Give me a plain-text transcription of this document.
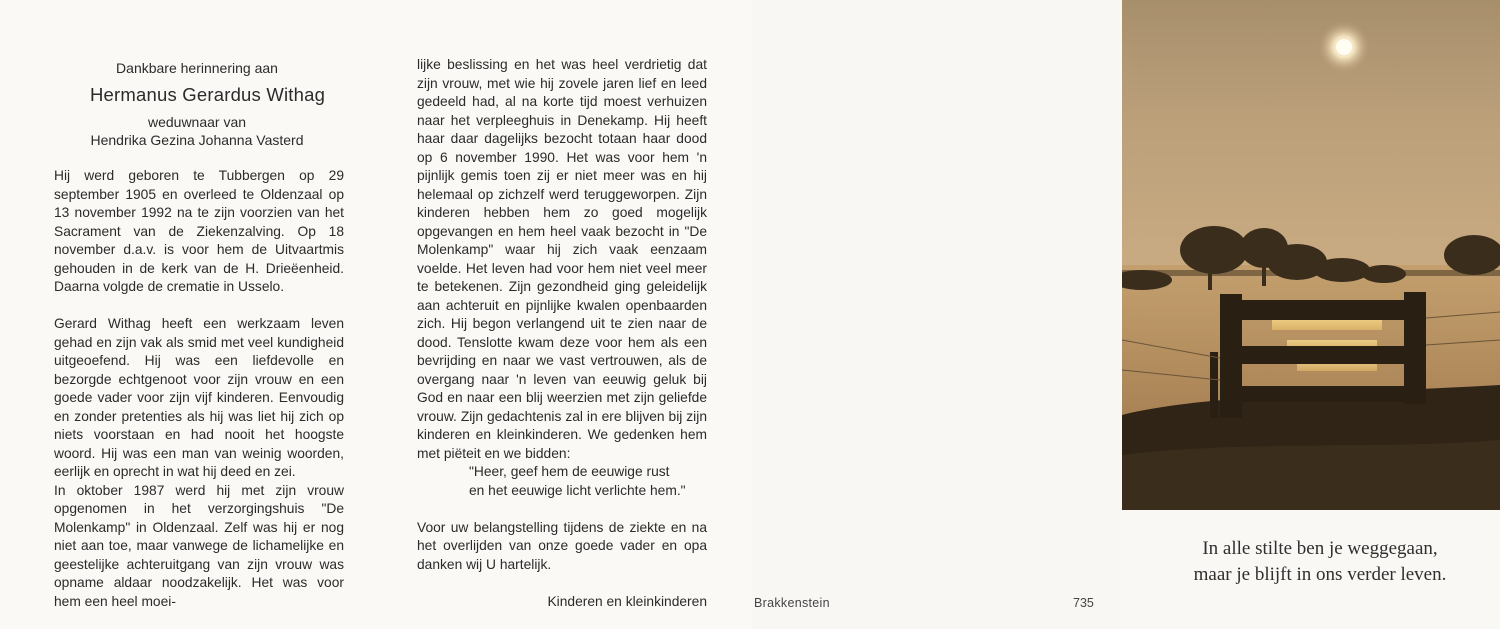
Dankbare herinnering aan
Hermanus Gerardus Withag
weduwnaar van
Hendrika Gezina Johanna Vasterd

Hij werd geboren te Tubbergen op 29 september 1905 en overleed te Oldenzaal op 13 november 1992 na te zijn voorzien van het Sacrament van de Ziekenzalving. Op 18 november d.a.v. is voor hem de Uitvaartmis gehouden in de kerk van de H. Drieëenheid. Daarna volgde de crematie in Usselo.

Gerard Withag heeft een werkzaam leven gehad en zijn vak als smid met veel kundigheid uitgeoefend. Hij was een liefdevolle en bezorgde echtgenoot voor zijn vrouw en een goede vader voor zijn vijf kinderen. Eenvoudig en zonder pretenties als hij was liet hij zich op niets voorstaan en had nooit het hoogste woord. Hij was een man van weinig woorden, eerlijk en oprecht in wat hij deed en zei.

In oktober 1987 werd hij met zijn vrouw opgenomen in het verzorgingshuis "De Molenkamp" in Oldenzaal. Zelf was hij er nog niet aan toe, maar vanwege de lichamelijke en geestelijke achteruitgang van zijn vrouw was opname aldaar noodzakelijk. Het was voor hem een heel moei-

lijke beslissing en het was heel verdrietig dat zijn vrouw, met wie hij zovele jaren lief en leed gedeeld had, al na korte tijd moest verhuizen naar het verpleeghuis in Denekamp. Hij heeft haar daar dagelijks bezocht totaan haar dood op 6 november 1990. Het was voor hem 'n pijnlijk gemis toen zij er niet meer was en hij helemaal op zichzelf werd teruggeworpen. Zijn kinderen hebben hem zo goed mogelijk opgevangen en hem heel vaak bezocht in "De Molenkamp" waar hij zich vaak eenzaam voelde. Het leven had voor hem niet veel meer te betekenen. Zijn gezondheid ging geleidelijk aan achteruit en pijnlijke kwalen openbaarden zich. Hij begon verlangend uit te zien naar de dood. Tenslotte kwam deze voor hem als een bevrijding en naar we vast vertrouwen, als de overgang naar 'n leven van eeuwig geluk bij God en naar een blij weerzien met zijn geliefde vrouw. Zijn gedachtenis zal in ere blijven bij zijn kinderen en kleinkinderen. We gedenken hem met piëteit en we bidden:

"Heer, geef hem de eeuwige rust

en het eeuwige licht verlichte hem."

Voor uw belangstelling tijdens de ziekte en na het overlijden van onze goede vader en opa danken wij U hartelijk.

Kinderen en kleinkinderen	Brakkenstein	735
In alle stilte ben je weggegaan,
maar je blijft in ons verder leven.
